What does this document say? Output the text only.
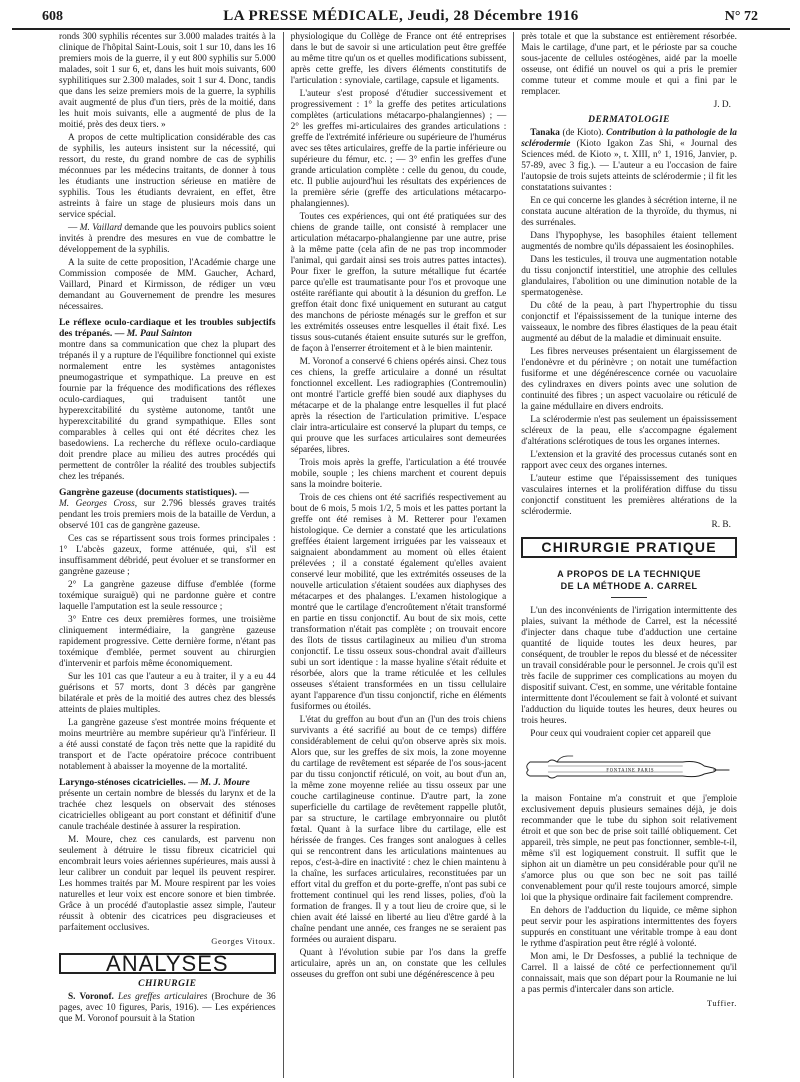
608	LA PRESSE MÉDICALE, Jeudi, 28 Décembre 1916	N° 72

ronds 300 syphilis récentes sur 3.000 malades traités à la clinique de l'hôpital Saint-Louis, soit 1 sur 10, dans les 16 premiers mois de la guerre, il y eut 800 syphilis sur 5.000 malades, soit 1 sur 6, et, dans les huit mois suivants, 600 syphilitiques sur 2.300 malades, soit 1 sur 4. Donc, tandis que dans les seize premiers mois de la guerre, la syphilis avait augmenté de plus d'un tiers, près de la moitié, dans les huit mois suivants, elle a augmenté de plus de la moitié, près des deux tiers. »

A propos de cette multiplication considérable des cas de syphilis, les auteurs insistent sur la nécessité, qui ressort, du reste, du grand nombre de cas de syphilis méconnues par les médecins traitants, de donner à tous les étudiants une instruction sérieuse en matière de syphilis. Tous les étudiants devraient, en effet, être astreints à faire un stage de plusieurs mois dans un service spécial.

— M. Vaillard demande que les pouvoirs publics soient invités à prendre des mesures en vue de combattre le développement de la syphilis.

A la suite de cette proposition, l'Académie charge une Commission composée de MM. Gaucher, Achard, Vaillard, Pinard et Kirmisson, de rédiger un vœu demandant au Gouvernement de prendre les mesures nécessaires.

Le réflexe oculo-cardiaque et les troubles subjectifs des trépanés. — M. Paul Sainton

montre dans sa communication que chez la plupart des trépanés il y a rupture de l'équilibre fonctionnel qui existe normalement entre les systèmes antagonistes pneumogastrique et sympathique. La preuve en est fournie par la fréquence des modifications des réflexes oculo-cardiaques, qui traduisent tantôt une hyperexcitabilité du système autonome, tantôt une hyperexcitabilité du grand sympathique. Elles sont comparables à celles qui ont été décrites chez les basedowiens. La recherche du réflexe oculo-cardiaque doit prendre place au milieu des autres procédés qui permettent de contrôler la réalité des troubles subjectifs chez les trépanés.

Gangrène gazeuse (documents statistiques). —

M. Georges Cross, sur 2.796 blessés graves traités pendant les trois premiers mois de la bataille de Verdun, a observé 101 cas de gangrène gazeuse.

Ces cas se répartissent sous trois formes principales : 1° L'abcès gazeux, forme atténuée, qui, s'il est insuffisamment débridé, peut évoluer et se transformer en gangrène gazeuse ;

2° La gangrène gazeuse diffuse d'emblée (forme toxémique suraiguë) qui ne pardonne guère et contre laquelle l'amputation est la seule ressource ;

3° Entre ces deux premières formes, une troisième cliniquement intermédiaire, la gangrène gazeuse rapidement progressive. Cette dernière forme, n'étant pas toxémique d'emblée, permet souvent au chirurgien d'intervenir et parfois même économiquement.

Sur les 101 cas que l'auteur a eu à traiter, il y a eu 44 guérisons et 57 morts, dont 3 décès par gangrène bilatérale et près de la moitié des autres chez des blessés atteints de plaies multiples.

La gangrène gazeuse s'est montrée moins fréquente et moins meurtrière au membre supérieur qu'à l'inférieur. Il a été aussi constaté de façon très nette que la rapidité du transport et de l'acte opératoire précoce contribuent notablement à abaisser la moyenne de la mortalité.

Laryngo-sténoses cicatricielles. — M. J. Moure

présente un certain nombre de blessés du larynx et de la trachée chez lesquels on observait des sténoses cicatricielles obligeant au port constant et définitif d'une canule trachéale destinée à assurer la respiration.

M. Moure, chez ces canulards, est parvenu non seulement à détruire le tissu fibreux cicatriciel qui encombrait leurs voies aériennes supérieures, mais aussi à leur calibrer un conduit par lequel ils peuvent respirer. Les hommes traités par M. Moure respirent par les voies naturelles et leur voix est encore sonore et bien timbrée. Grâce à un procédé d'autoplastie assez simple, l'auteur réussit à obtenir des cicatrices peu disgracieuses et parfaitement occlusives.

Georges Vitoux.
ANALYSES
CHIRURGIE

S. Voronof. Les greffes articulaires (Brochure de 36 pages, avec 10 figures, Paris, 1916). — Les expériences que M. Voronof poursuit à la Station

physiologique du Collège de France ont été entreprises dans le but de savoir si une articulation peut être greffée au même titre qu'un os et quelles modifications subissent, après cette greffe, les divers éléments constitutifs de l'articulation : synoviale, cartilage, capsule et ligaments.

L'auteur s'est proposé d'étudier successivement et progressivement : 1° la greffe des petites articulations complètes (articulations métacarpo-phalangiennes) ; — 2° les greffes mi-articulaires des grandes articulations : greffe de l'extrémité inférieure ou supérieure de l'humérus avec ses têtes articulaires, greffe de la partie inférieure ou supérieure du fémur, etc. ; — 3° enfin les greffes d'une grande articulation complète : celle du genou, du coude, etc. Il publie aujourd'hui les résultats des expériences de la première série (greffe des articulations métacarpo-phalangiennes).

Toutes ces expériences, qui ont été pratiquées sur des chiens de grande taille, ont consisté à remplacer une articulation métacarpo-phalangienne par une autre, prise à la même patte (cela afin de ne pas trop incommoder l'animal, qui gardait ainsi ses trois autres pattes intactes). Pour fixer le greffon, la suture métallique fut écartée parce qu'elle est traumatisante pour l'os et provoque une ostéite raréfiante qui aboutit à la désunion du greffon. Le greffon était donc fixé uniquement en suturant au catgut des manchons de périoste ménagés sur le greffon et sur les extrémités osseuses entre lesquelles il était fixé. Les tissus sous-cutanés étaient ensuite suturés sur le greffon, de façon à l'enserrer étroitement et à le bien maintenir.

M. Voronof a conservé 6 chiens opérés ainsi. Chez tous ces chiens, la greffe articulaire a donné un résultat fonctionnel excellent. Les radiographies (Contremoulin) ont montré l'article greffé bien soudé aux diaphyses du métacarpe et de la phalange entre lesquelles il fut placé après la résection de l'articulation primitive. L'espace clair intra-articulaire est conservé la plupart du temps, ce qui prouve que les surfaces articulaires sont demeurées séparées, libres.

Trois mois après la greffe, l'articulation a été trouvée mobile, souple ; les chiens marchent et courent depuis sans la moindre boiterie.

Trois de ces chiens ont été sacrifiés respectivement au bout de 6 mois, 5 mois 1/2, 5 mois et les pattes portant la greffe ont été remises à M. Retterer pour l'examen histologique. Ce dernier a constaté que les articulations greffées étaient largement irriguées par les vaisseaux et saignaient abondamment au moment où elles étaient prélevées ; il a constaté également qu'elles avaient conservé leur mobilité, que les extrémités osseuses de la nouvelle articulation s'étaient soudées aux diaphyses des métacarpes et des phalanges. L'examen histologique a montré que le cartilage d'encroûtement n'était transformé en partie en tissu conjonctif. Au bout de six mois, cette transformation n'était pas complète ; on trouvait encore des îlots de tissus cartilagineux au milieu d'un stroma conjonctif. Le tissu osseux sous-chondral avait d'ailleurs subi un sort identique : la masse hyaline s'était réduite et résorbée, alors que la trame réticulée et les cellules osseuses s'étaient transformées en un tissu cellulaire ayant l'apparence d'un tissu conjonctif, riche en éléments fusiformes ou étoilés.

L'état du greffon au bout d'un an (l'un des trois chiens survivants a été sacrifié au bout de ce temps) différe considérablement de celui qu'on observe après six mois. Alors que, sur les greffes de six mois, la zone moyenne du cartilage de revêtement est séparée de l'os sous-jacent par du tissu conjonctif réticulé, on voit, au bout d'un an, la même zone moyenne reliée au tissu osseux par une couche cartilagineuse continue. D'autre part, la zone superficielle du cartilage de revêtement rappelle plutôt, par sa structure, le cartilage embryonnaire ou plutôt fœtal. Quant à la surface libre du cartilage, elle est hérissée de franges. Ces franges sont analogues à celles qui se rencontrent dans les articulations maintenues au repos, c'est-à-dire en inactivité : chez le chien maintenu à la chaîne, les surfaces articulaires, reconstituées par un effort vital du greffon et du porte-greffe, n'ont pas subi ce frottement continuel qui les rend lisses, polies, d'où la formation de franges. Il y a tout lieu de croire que, si le chien avait été laissé en liberté au lieu d'être gardé à la chaîne pendant une année, ces franges ne se seraient pas formées ou auraient disparu.

Quant à l'évolution subie par l'os dans la greffe articulaire, après un an, on constate que les cellules osseuses du greffon ont subi une dégénérescence à peu

près totale et que la substance est entièrement résorbée. Mais le cartilage, d'une part, et le périoste par sa couche sous-jacente de cellules ostéogènes, aidé par la moelle osseuse, ont édifié un nouvel os qui a pris le premier comme tuteur et comme moule et qui a fini par le remplacer.

J. D.
DERMATOLOGIE

Tanaka (de Kioto). Contribution à la pathologie de la sclérodermie (Kioto Igakon Zas Shi, « Journal des Sciences méd. de Kioto », t. XIII, n° 1, 1916, Janvier, p. 57-89, avec 3 fig.). — L'auteur a eu l'occasion de faire l'autopsie de trois sujets atteints de sclérodermie ; il fit les constatations suivantes :

En ce qui concerne les glandes à sécrétion interne, il ne constata aucune altération de la thyroïde, du thymus, ni des surrénales.

Dans l'hypophyse, les basophiles étaient tellement augmentés de nombre qu'ils dépassaient les éosinophiles.

Dans les testicules, il trouva une augmentation notable du tissu conjonctif interstitiel, une atrophie des cellules glandulaires, l'abolition ou une diminution notable de la spermatogenèse.

Du côté de la peau, à part l'hypertrophie du tissu conjonctif et l'épaississement de la tunique interne des vaisseaux, le nombre des fibres élastiques de la peau était augmenté au début de la maladie et diminuait ensuite.

Les fibres nerveuses présentaient un élargissement de l'endonèvre et du périnèvre ; on notait une tuméfaction fusiforme et une dégénérescence cornée ou vacuolaire des cylindraxes en divers points avec une solution de continuité des fibres ; un aspect vacuolaire ou réticulé de la gaine médullaire en divers endroits.

La sclérodermie n'est pas seulement un épaississement scléreux de la peau, elle s'accompagne également d'altérations sclérotiques de tous les organes internes.

L'extension et la gravité des processus cutanés sont en rapport avec ceux des organes internes.

L'auteur estime que l'épaississement des tuniques vasculaires internes et la prolifération diffuse du tissu conjonctif constituent les premières altérations de la sclérodermie.

R. B.
CHIRURGIE PRATIQUE
A PROPOS DE LA TECHNIQUE
DE LA MÉTHODE A. CARREL

L'un des inconvénients de l'irrigation intermittente des plaies, suivant la méthode de Carrel, est la nécessité d'injecter dans chaque tube d'adduction une certaine quantité de liquide toutes les deux heures, par conséquent, de troubler le repos du blessé et de nécessiter un travail considérable pour le personnel. Je crois qu'il est très facile de supprimer ces complications au moyen du dispositif suivant. C'est, en somme, une véritable fontaine intermittente dont l'écoulement se fait à volonté et suivant l'adduction du liquide toutes les heures, deux heures ou trois heures.

Pour ceux qui voudraient copier cet appareil que

FONTAINE PARIS

la maison Fontaine m'a construit et que j'emploie exclusivement depuis plusieurs semaines déjà, je dois recommander que le tube du siphon soit relativement étroit et que son bec de prise soit taillé obliquement. Cet appareil, très simple, ne peut pas fonctionner, semble-t-il, même s'il est logiquement construit. Il suffit que le siphon ait un diamètre un peu considérable pour qu'il ne s'amorce plus ou que son bec ne soit pas taillé convenablement pour qu'il reste toujours amorcé, simple loi que la physique ordinaire fait facilement comprendre.

En dehors de l'adduction du liquide, ce même siphon peut servir pour les aspirations intermittentes des foyers suppurés en constituant une véritable trompe à eau dont le rythme d'aspiration peut être réglé à volonté.

Mon ami, le Dr Desfosses, a publié la technique de Carrel. Il a laissé de côté ce perfectionnement qu'il connaissait, mais que son départ pour la Roumanie ne lui a pas permis d'intercaler dans son article.

Tuffier.
